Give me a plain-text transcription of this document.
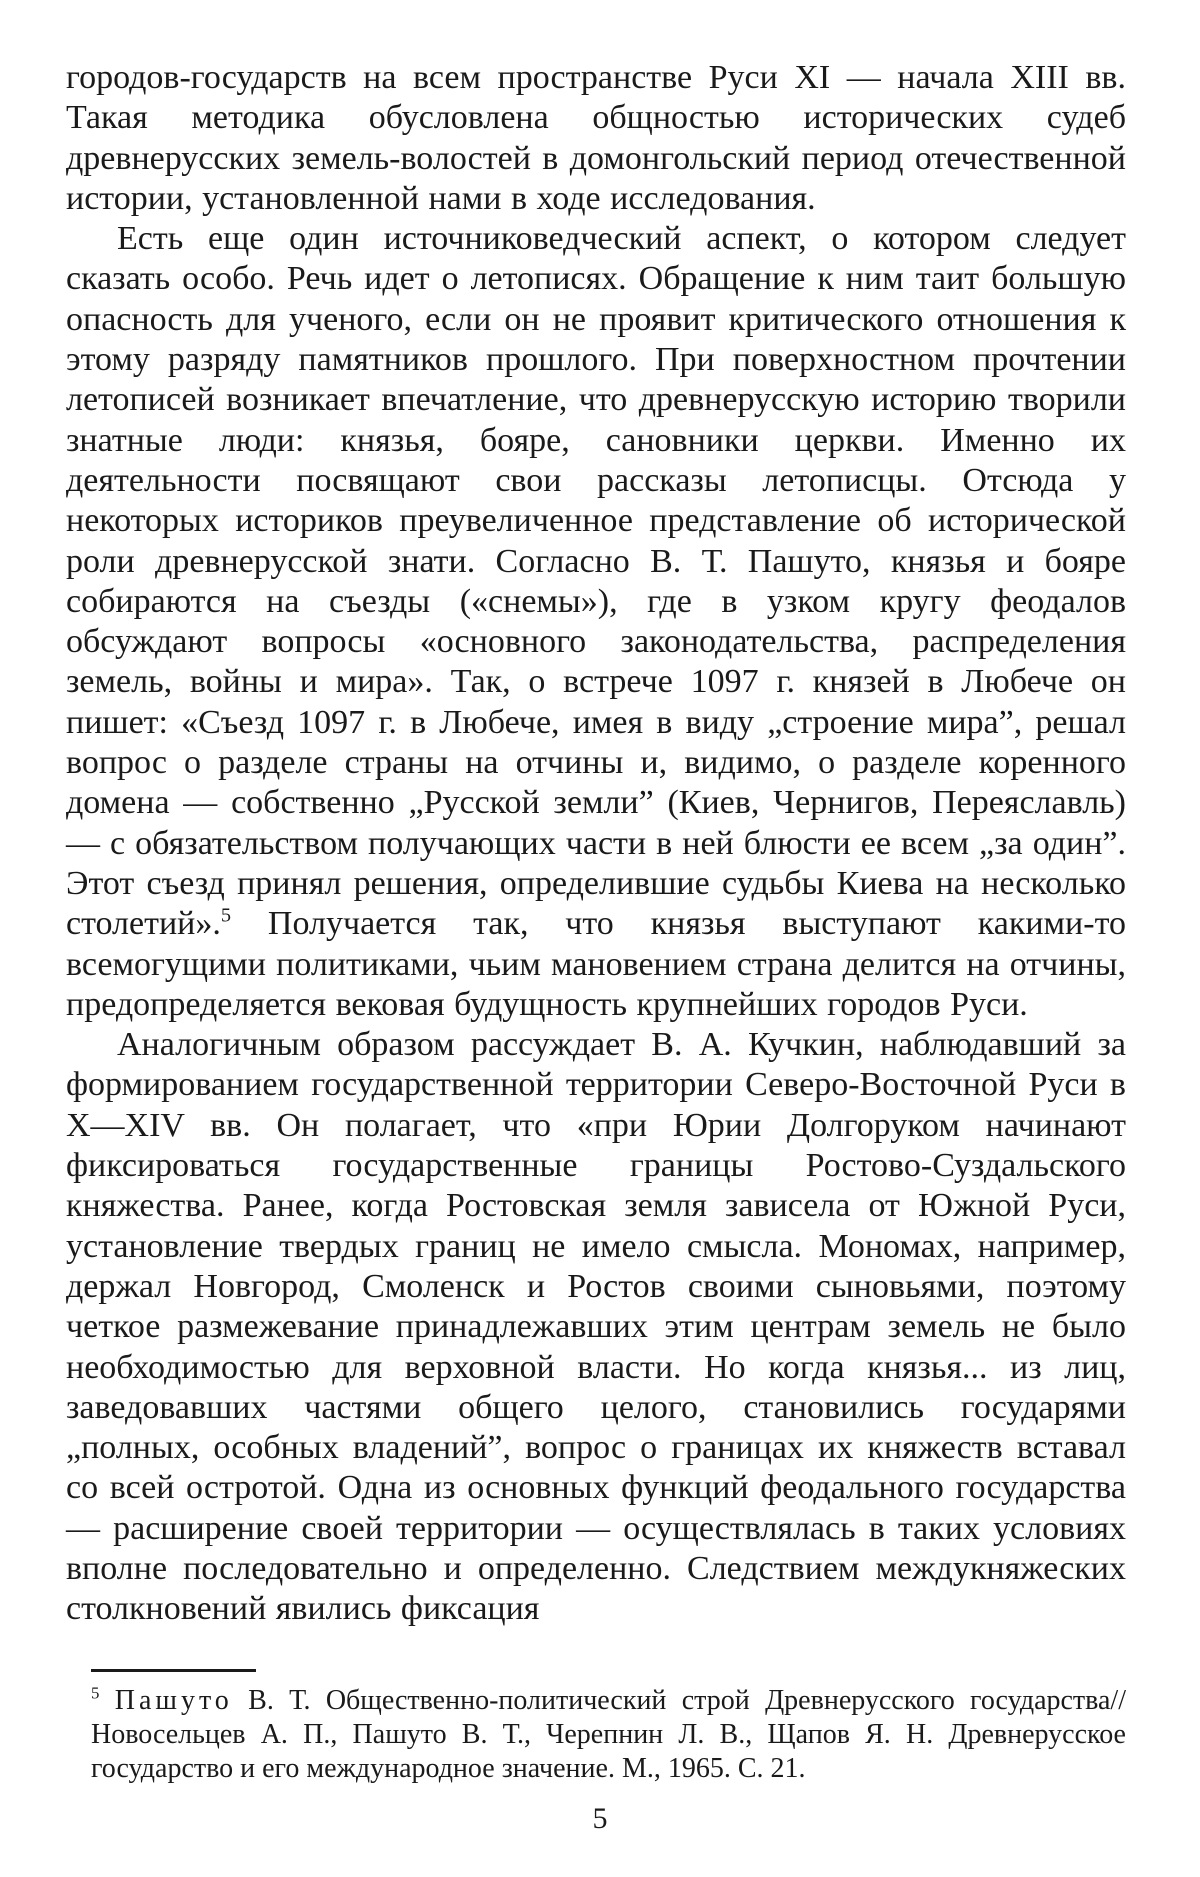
городов-государств на всем пространстве Руси XI — начала XIII вв. Такая методика обусловлена общностью исторических судеб древнерусских земель-волостей в домонгольский период отечественной истории, установленной нами в ходе исследования.

Есть еще один источниковедческий аспект, о котором следует сказать особо. Речь идет о летописях. Обращение к ним таит большую опасность для ученого, если он не проявит критического отношения к этому разряду памятников прошлого. При поверхностном прочтении летописей возникает впечатление, что древнерусскую историю творили знатные люди: князья, бояре, сановники церкви. Именно их деятельности посвящают свои рассказы летописцы. Отсюда у некоторых историков преувеличенное представление об исторической роли древнерусской знати. Согласно В. Т. Пашуто, князья и бояре собираются на съезды («снемы»), где в узком кругу феодалов обсуждают вопросы «основного законодательства, распределения земель, войны и мира». Так, о встрече 1097 г. князей в Любече он пишет: «Съезд 1097 г. в Любече, имея в виду „строение мира”, решал вопрос о разделе страны на отчины и, видимо, о разделе коренного домена — собственно „Русской земли” (Киев, Чернигов, Переяславль) — с обязательством получающих части в ней блюсти ее всем „за один”. Этот съезд принял решения, определившие судьбы Киева на несколько столетий».$^5$ Получается так, что князья выступают какими-то всемогущими политиками, чьим мановением страна делится на отчины, предопределяется вековая будущность крупнейших городов Руси.

Аналогичным образом рассуждает В. А. Кучкин, наблюдавший за формированием государственной территории Северо-Восточной Руси в X—XIV вв. Он полагает, что «при Юрии Долгоруком начинают фиксироваться государственные границы Ростово-Суздальского княжества. Ранее, когда Ростовская земля зависела от Южной Руси, установление твердых границ не имело смысла. Мономах, например, держал Новгород, Смоленск и Ростов своими сыновьями, поэтому четкое размежевание принадлежавших этим центрам земель не было необходимостью для верховной власти. Но когда князья... из лиц, заведовавших частями общего целого, становились государями „полных, особных владений”, вопрос о границах их княжеств вставал со всей остротой. Одна из основных функций феодального государства — расширение своей территории — осуществлялась в таких условиях вполне последовательно и определенно. Следствием междукняжеских столкновений явились фиксация

$^5$ Пашуто В. Т. Общественно-политический строй Древнерусского государства//Новосельцев А. П., Пашуто В. Т., Черепнин Л. В., Щапов Я. Н. Древнерусское государство и его международное значение. М., 1965. С. 21.

5
